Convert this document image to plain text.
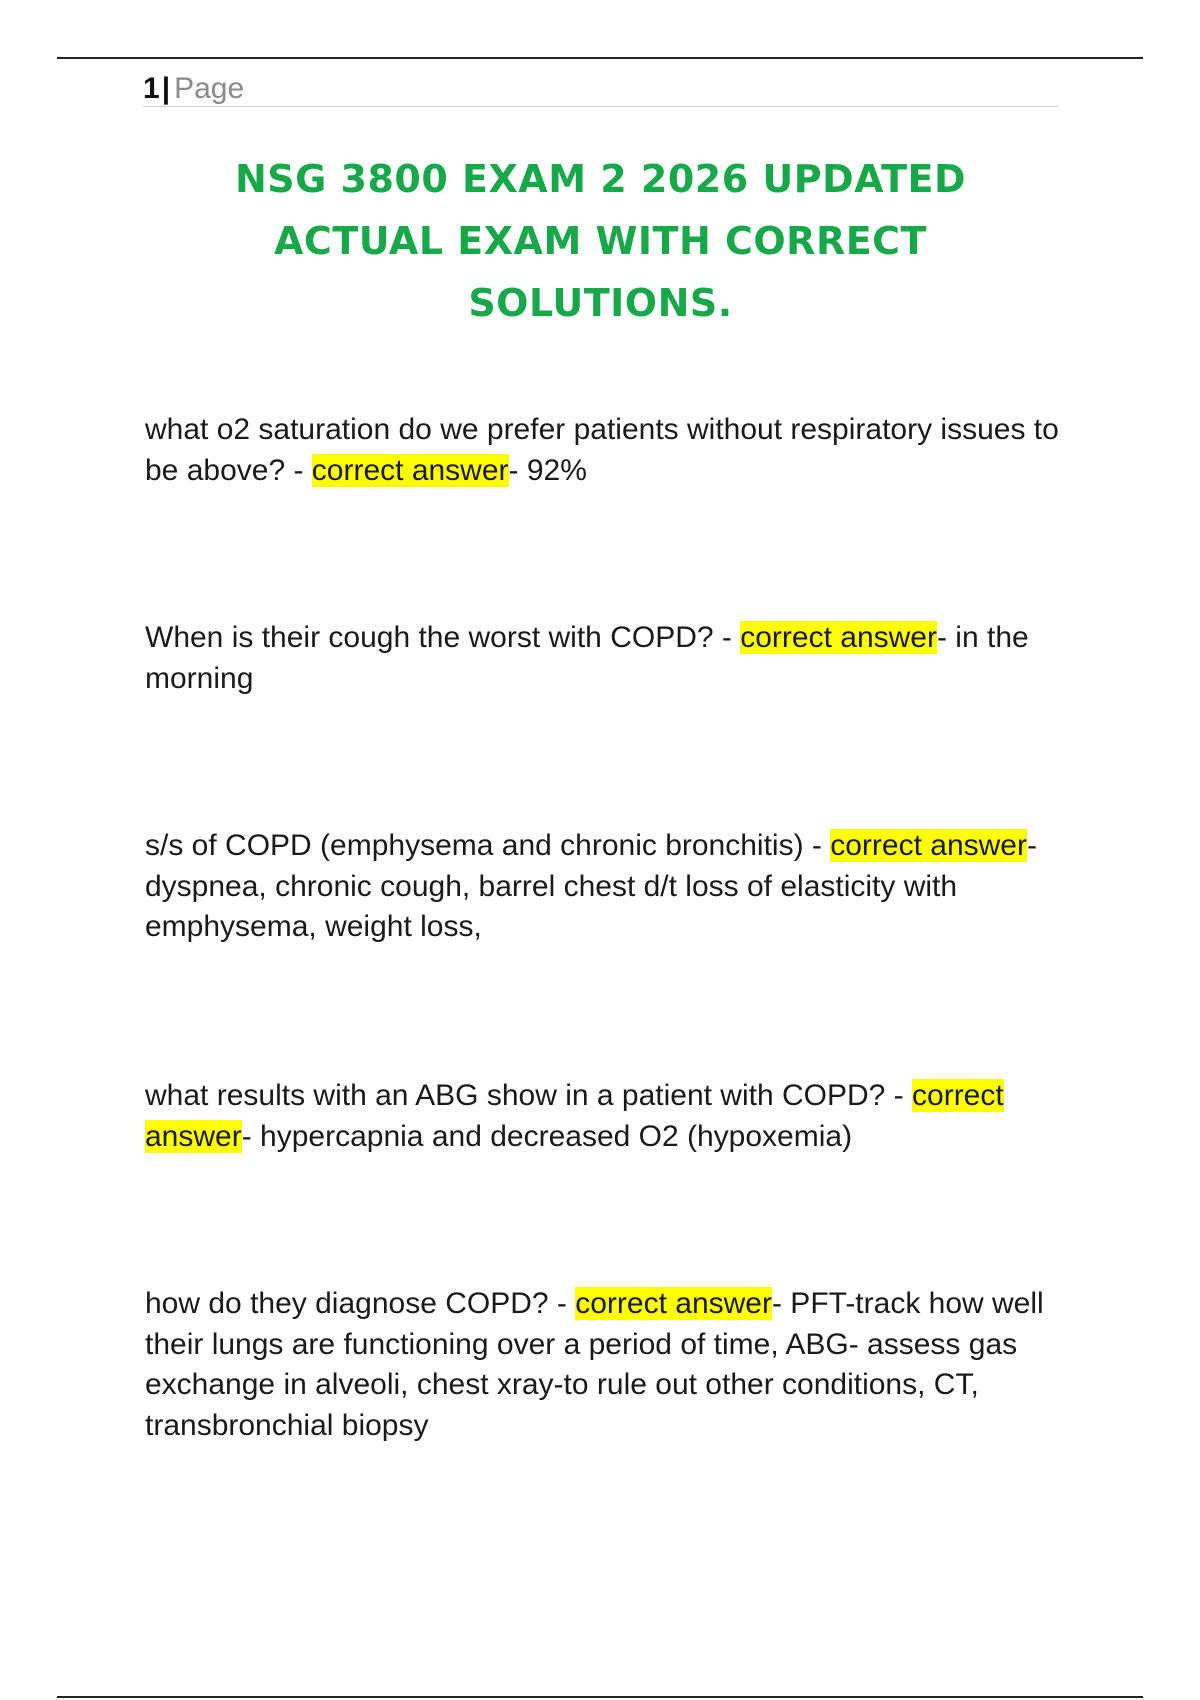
1| Page
NSG 3800 EXAM 2 2026 UPDATED
ACTUAL EXAM WITH CORRECT
SOLUTIONS.

what o2 saturation do we prefer patients without respiratory issues to be above? - correct answer- 92%

When is their cough the worst with COPD? - correct answer- in the morning

s/s of COPD (emphysema and chronic bronchitis) - correct answer- dyspnea, chronic cough, barrel chest d/t loss of elasticity with emphysema, weight loss,

what results with an ABG show in a patient with COPD? - correct answer- hypercapnia and decreased O2 (hypoxemia)

how do they diagnose COPD? - correct answer- PFT-track how well their lungs are functioning over a period of time, ABG- assess gas exchange in alveoli, chest xray-to rule out other conditions, CT, transbronchial biopsy
